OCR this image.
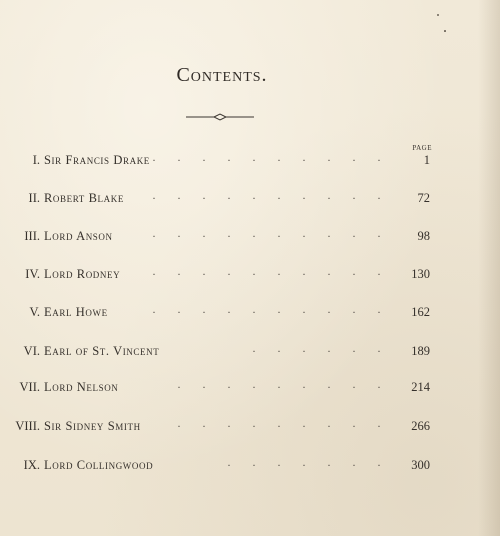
Contents.
PAGE
I. Sir Francis Drake ·········· 1
II. Robert Blake ·········· 72
III. Lord Anson	·········· 98
IV. Lord Rodney	·········· 130
V. Earl Howe	·········· 162
VI. Earl of St. Vincent	······ 189
VII. Lord Nelson	········· 214
VIII. Sir Sidney Smith	········· 266
IX. Lord Collingwood	······· 300
